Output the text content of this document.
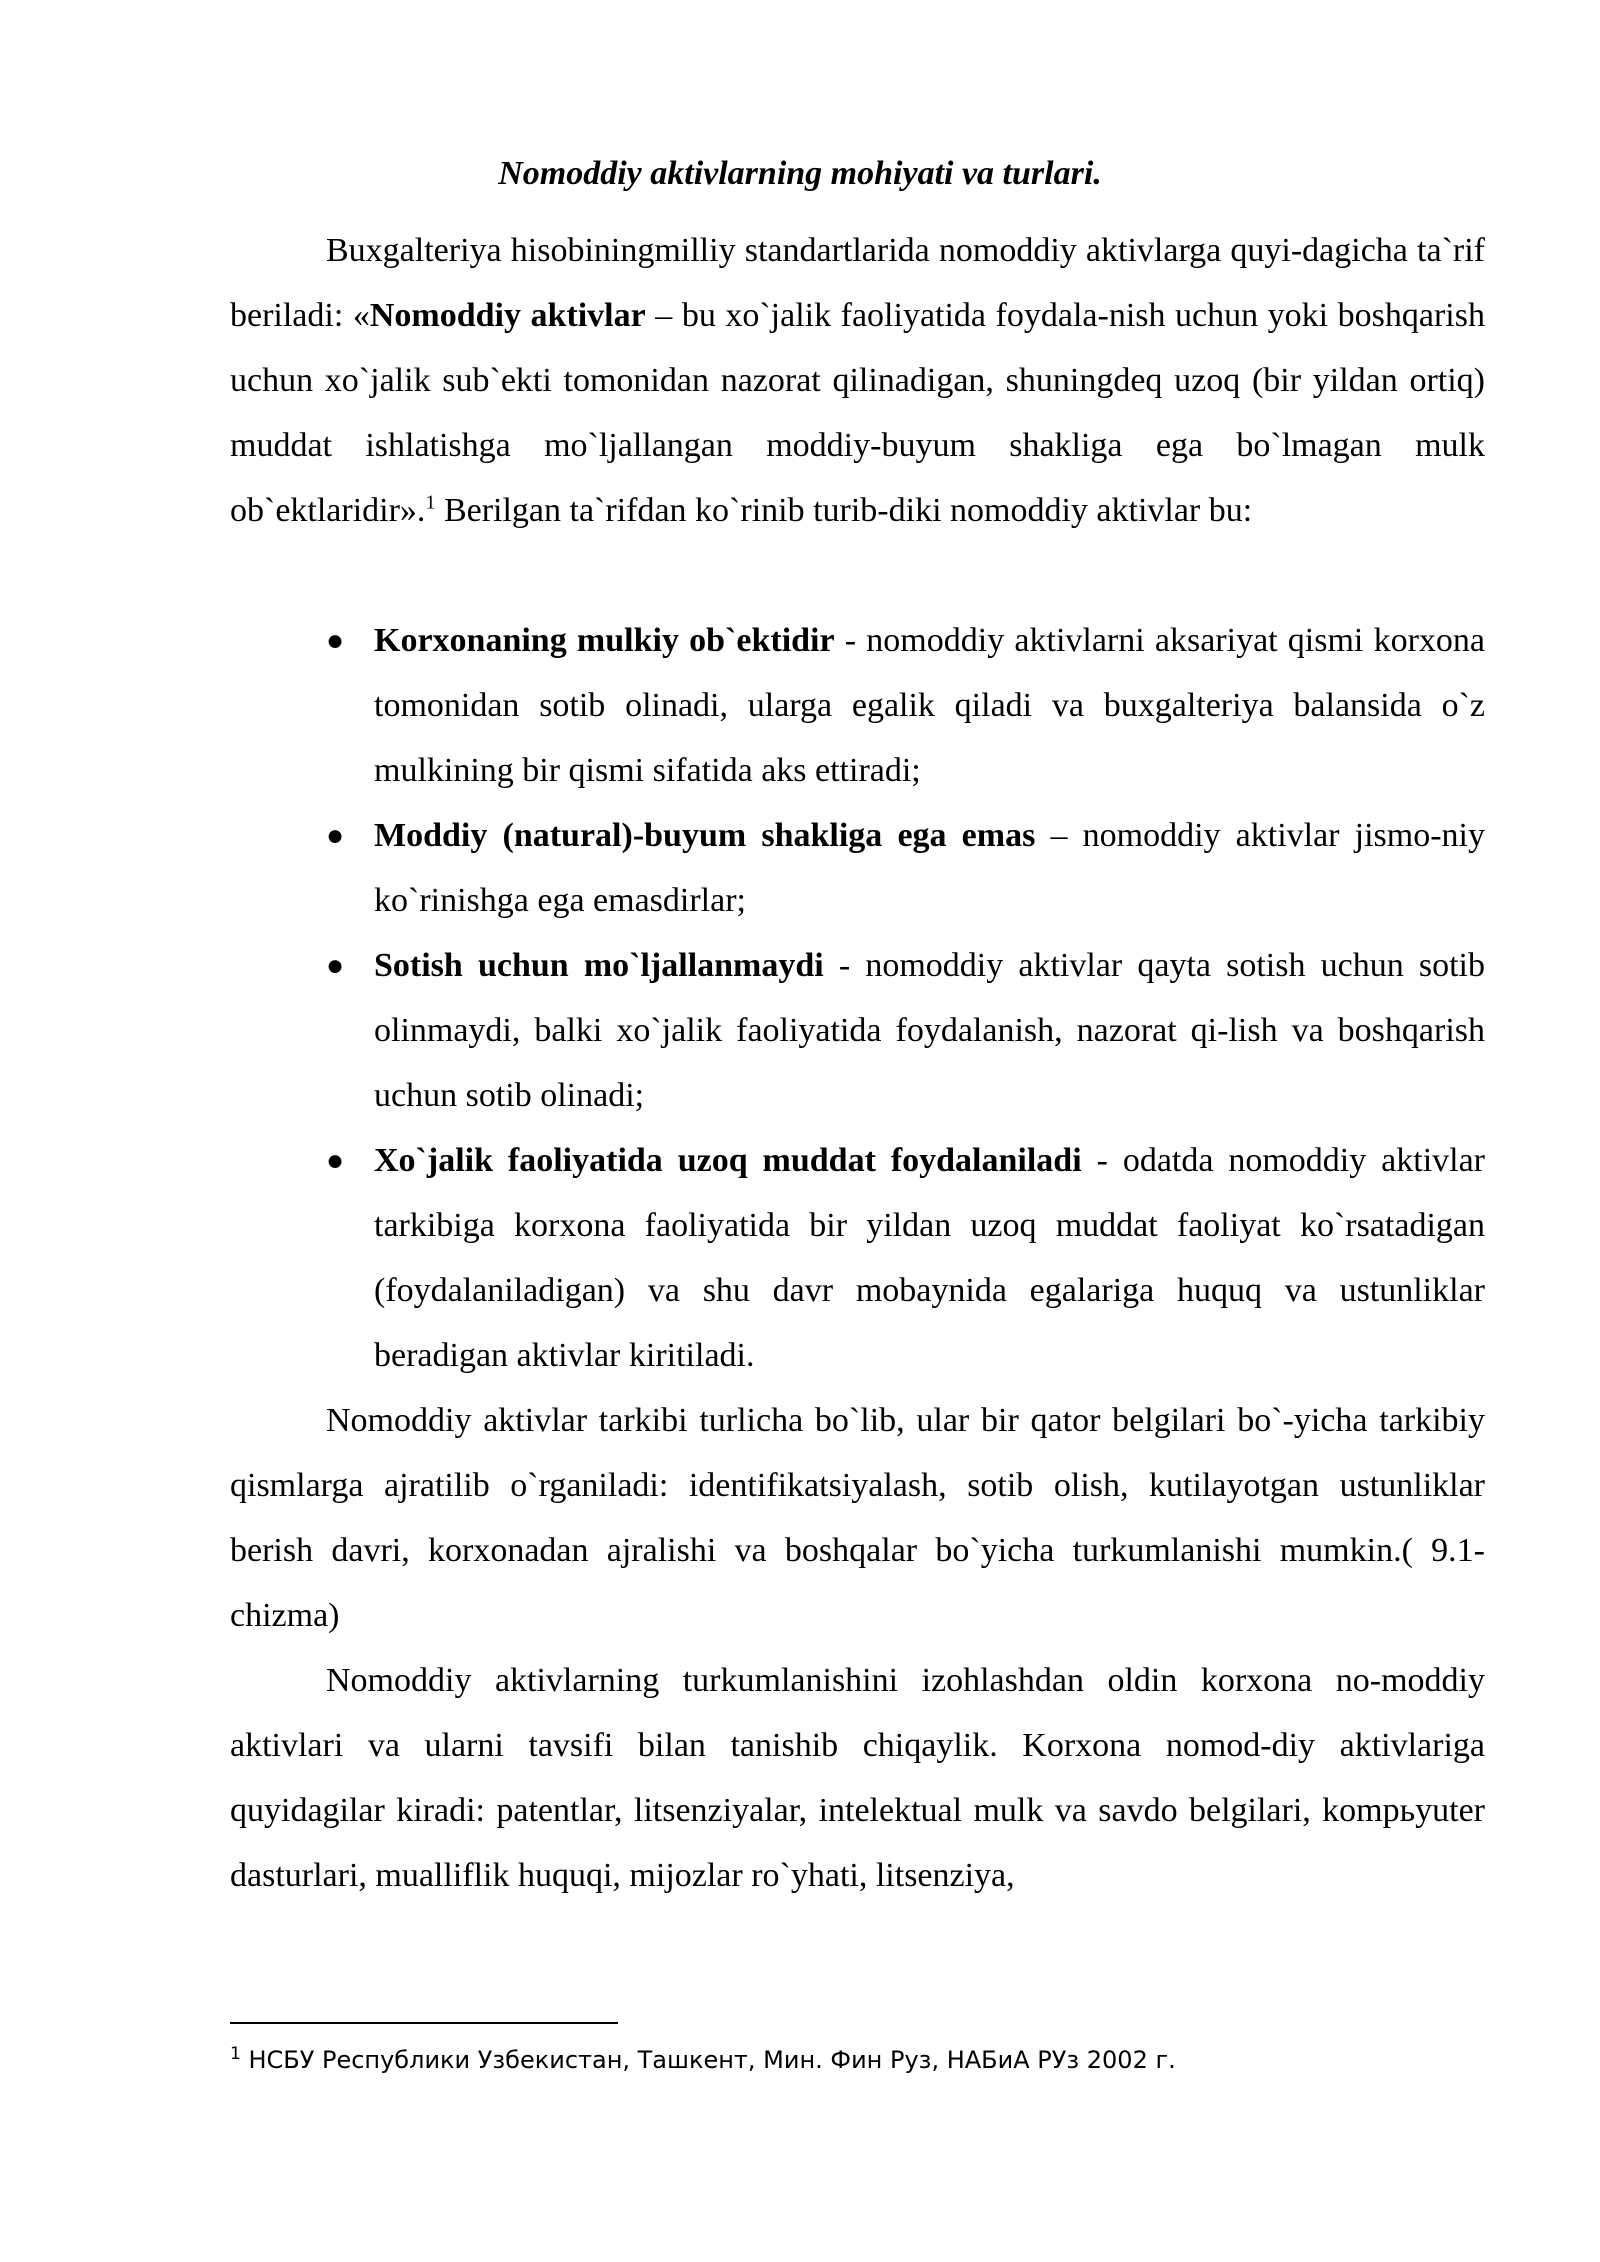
Nomoddiy aktivlarning mohiyati va turlari.

Buxgalteriya hisobiningmilliy standartlarida nomoddiy aktivlarga quyi-dagicha ta`rif beriladi: «Nomoddiy aktivlar – bu xo`jalik faoliyatida foydala-nish uchun yoki boshqarish uchun xo`jalik sub`ekti tomonidan nazorat qilinadigan, shuningdeq uzoq (bir yildan ortiq) muddat ishlatishga mo`ljallangan moddiy-buyum shakliga ega bo`lmagan mulk ob`ektlaridir».$^1$ Berilgan ta`rifdan ko`rinib turib-diki nomoddiy aktivlar bu:

● Korxonaning mulkiy ob`ektidir - nomoddiy aktivlarni aksariyat qismi korxona tomonidan sotib olinadi, ularga egalik qiladi va buxgalteriya balansida o`z mulkining bir qismi sifatida aks ettiradi;
● Moddiy (natural)-buyum shakliga ega emas – nomoddiy aktivlar jismo-niy ko`rinishga ega emasdirlar;
● Sotish uchun mo`ljallanmaydi - nomoddiy aktivlar qayta sotish uchun sotib olinmaydi, balki xo`jalik faoliyatida foydalanish, nazorat qi-lish va boshqarish uchun sotib olinadi;
● Xo`jalik faoliyatida uzoq muddat foydalaniladi - odatda nomoddiy aktivlar tarkibiga korxona faoliyatida bir yildan uzoq muddat faoliyat ko`rsatadigan (foydalaniladigan) va shu davr mobaynida egalariga huquq va ustunliklar beradigan aktivlar kiritiladi.

Nomoddiy aktivlar tarkibi turlicha bo`lib, ular bir qator belgilari bo`-yicha tarkibiy qismlarga ajratilib o`rganiladi: identifikatsiyalash, sotib olish, kutilayotgan ustunliklar berish davri, korxonadan ajralishi va boshqalar bo`yicha turkumlanishi mumkin.( 9.1-chizma)

Nomoddiy aktivlarning turkumlanishini izohlashdan oldin korxona no-moddiy aktivlari va ularni tavsifi bilan tanishib chiqaylik. Korxona nomod-diy aktivlariga quyidagilar kiradi: patentlar, litsenziyalar, intelektual mulk va savdo belgilari, kompьyuter dasturlari, mualliflik huquqi, mijozlar ro`yhati, litsenziya,

$^1$ НСБУ Республики Узбекистан, Ташкент, Мин. Фин Руз, НАБиА РУз 2002 г.
